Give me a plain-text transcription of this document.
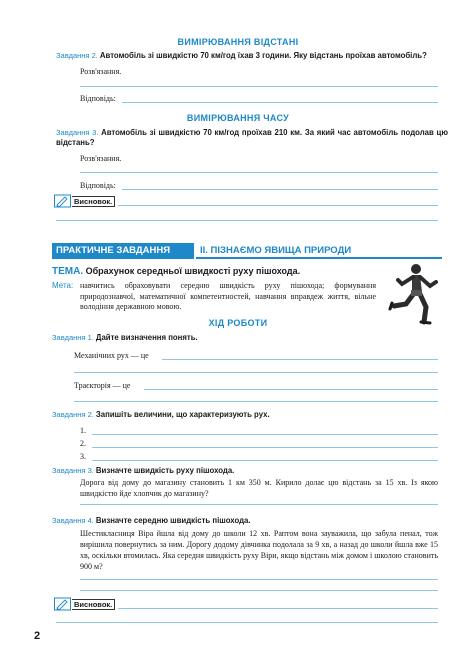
ВИМІРЮВАННЯ ВІДСТАНІ
Завдання 2. Автомобіль зі швидкістю 70 км/год їхав 3 години. Яку відстань проїхав автомобіль?
Розв'язання.
Відповідь:
ВИМІРЮВАННЯ ЧАСУ
Завдання 3. Автомобіль зі швидкістю 70 км/год проїхав 210 км. За який час автомобіль подолав цю відстань?
Розв'язання.
Відповідь:
Висновок.
ПРАКТИЧНЕ ЗАВДАННЯ	ІІ. ПІЗНАЄМО ЯВИЩА ПРИРОДИ
ТЕМА. Обрахунок середньої швидкості руху пішохода.
Мета: навчитись обраховувати середню швидкість руху пішохода; формування природознавчої, математичної компетентностей, навчання вправдеж життя, вільне володіння державною мовою.
ХІД РОБОТИ
Завдання 1. Дайте визначення понять.
Механічних рух — це
Траєкторія — це
Завдання 2. Запишіть величини, що характеризують рух.
1.
2.
3.
Завдання 3. Визначте швидкість руху пішохода.
Дорога від дому до магазину становить 1 км 350 м. Кирило долає цю відстань за 15 хв. Із якою швидкістю йде хлопчик до магазину?
Завдання 4. Визначте середню швидкість пішохода.
Шестикласниця Віра йшла від дому до школи 12 хв. Раптом вона зауважила, що забула пенал, тож вирішила повернутись за ним. Дорогу додому дівчинка подолала за 9 хв, а назад до школи йшла вже 15 хв, оскільки втомилась. Яка середня швидкість руху Віри, якщо відстань між домом і школою становить 900 м?
Висновок.
2
